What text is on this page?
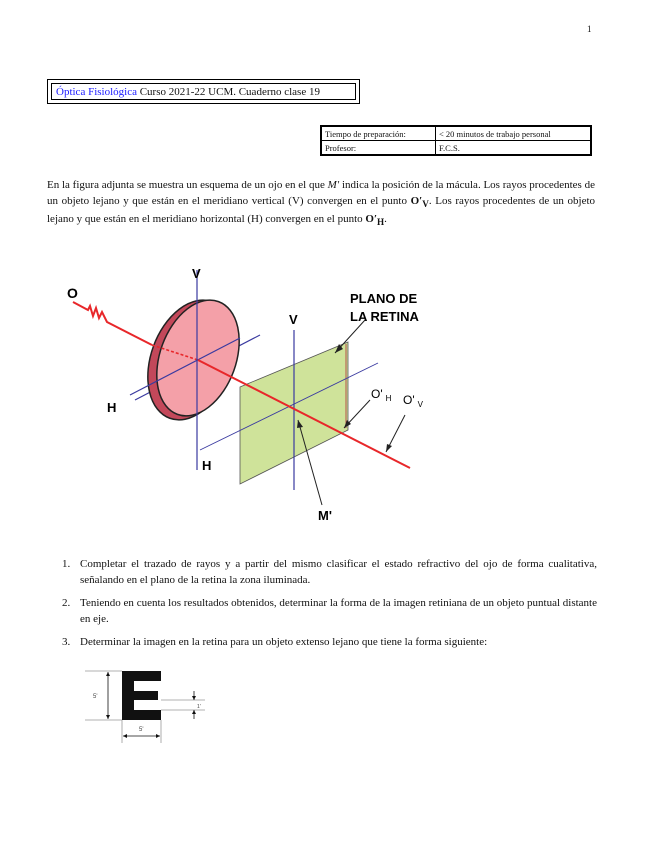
1
Óptica Fisiológica Curso 2021-22 UCM. Cuaderno clase 19
Tiempo de preparación:	< 20 minutos de trabajo personal
Profesor:	F.C.S.
En la figura adjunta se muestra un esquema de un ojo en el que M′ indica la posición de la mácula. Los rayos procedentes de un objeto lejano y que están en el meridiano vertical (V) convergen en el punto $O'_V$. Los rayos procedentes de un objeto lejano y que están en el meridiano horizontal (H) convergen en el punto $O'_H$.
O
V
V
H
H
PLANO DE
LA RETINA
O' $_H$ O' $_V$
M'
1. Completar el trazado de rayos y a partir del mismo clasificar el estado refractivo del ojo de forma cualitativa, señalando en el plano de la retina la zona iluminada.
2. Teniendo en cuenta los resultados obtenidos, determinar la forma de la imagen retiniana de un objeto puntual distante en eje.
3. Determinar la imagen en la retina para un objeto extenso lejano que tiene la forma siguiente:
1'
5'
5'
